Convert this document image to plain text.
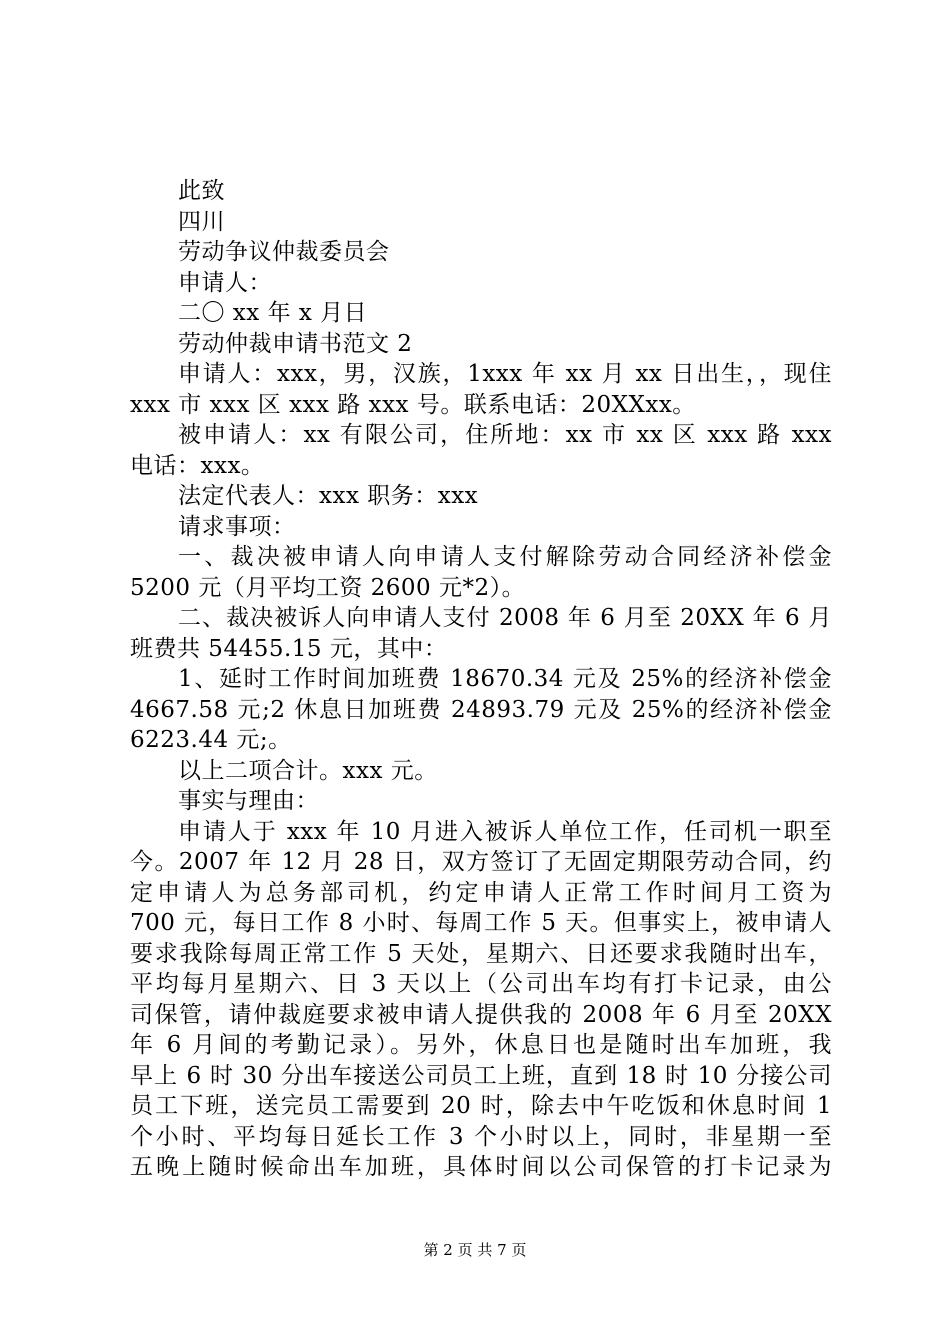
此致
四川
劳动争议仲裁委员会
申请人：
二〇 xx 年 x 月日
劳动仲裁申请书范文 2
申请人：xxx，男，汉族，1xxx 年 xx 月 xx 日出生，，现住
xxx 市 xxx 区 xxx 路 xxx 号。联系电话：20XXxx。
被申请人：xx 有限公司，住所地：xx 市 xx 区 xxx 路 xxx
电话：xxx。
法定代表人：xxx 职务：xxx
请求事项：
一、裁决被申请人向申请人支付解除劳动合同经济补偿金
5200 元（月平均工资 2600 元*2）。
二、裁决被诉人向申请人支付 2008 年 6 月至 20XX 年 6 月
班费共 54455.15 元，其中：
1、延时工作时间加班费 18670.34 元及 25%的经济补偿金
4667.58 元;2 休息日加班费 24893.79 元及 25%的经济补偿金
6223.44 元;。
以上二项合计。xxx 元。
事实与理由：
申请人于 xxx 年 10 月进入被诉人单位工作，任司机一职至
今。2007 年 12 月 28 日，双方签订了无固定期限劳动合同，约
定申请人为总务部司机，约定申请人正常工作时间月工资为
700 元，每日工作 8 小时、每周工作 5 天。但事实上，被申请人
要求我除每周正常工作 5 天处，星期六、日还要求我随时出车，
平均每月星期六、日 3 天以上（公司出车均有打卡记录，由公
司保管，请仲裁庭要求被申请人提供我的 2008 年 6 月至 20XX
年 6 月间的考勤记录）。另外，休息日也是随时出车加班，我
早上 6 时 30 分出车接送公司员工上班，直到 18 时 10 分接公司
员工下班，送完员工需要到 20 时，除去中午吃饭和休息时间 1
个小时、平均每日延长工作 3 个小时以上，同时，非星期一至
五晚上随时候命出车加班，具体时间以公司保管的打卡记录为
第 2 页 共 7 页
